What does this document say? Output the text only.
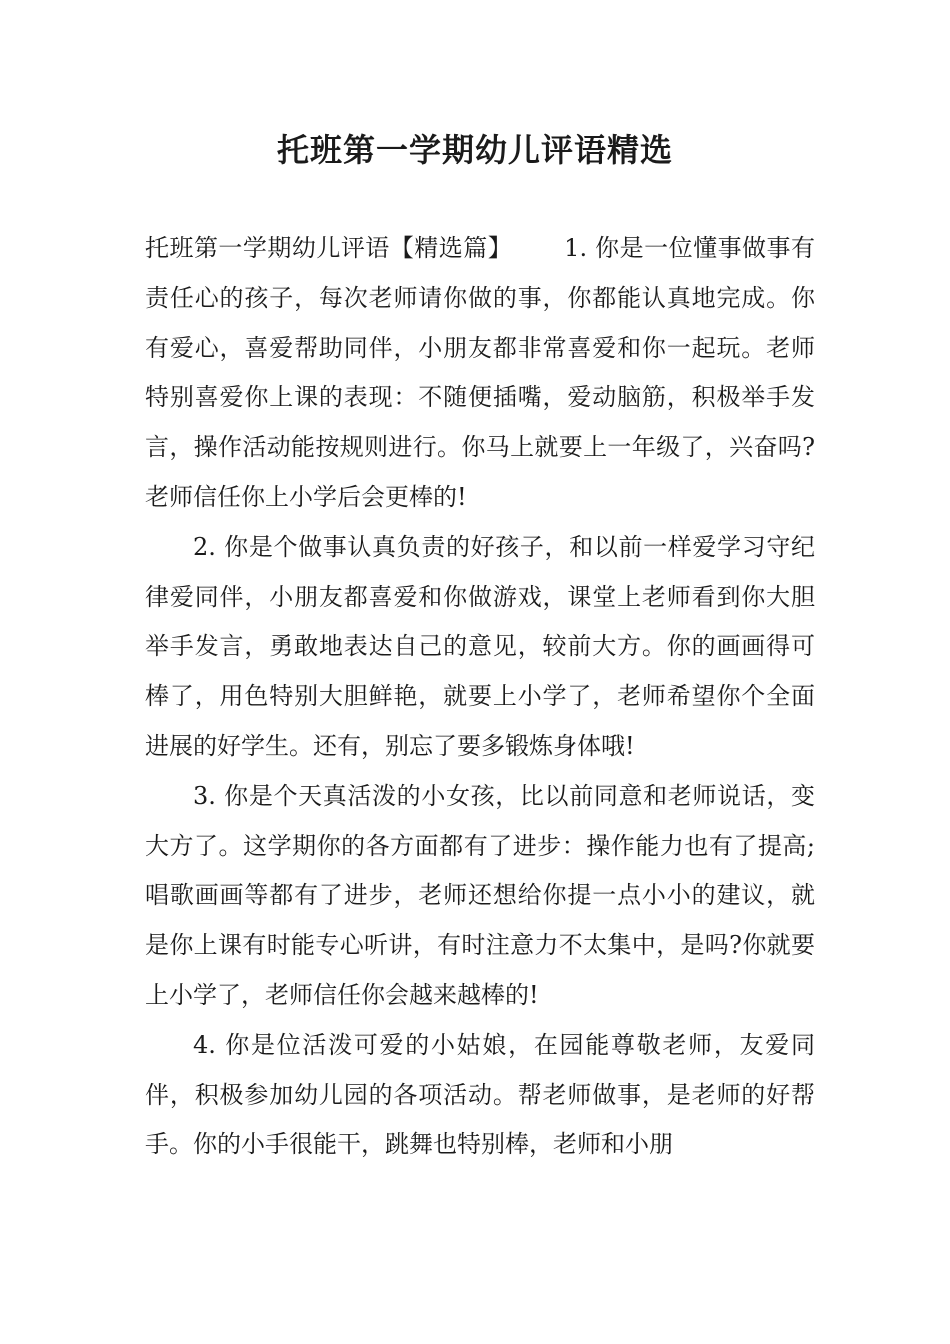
托班第一学期幼儿评语精选

托班第一学期幼儿评语【精选篇】 1. 你是一位懂事做事有责任心的孩子，每次老师请你做的事，你都能认真地完成。你有爱心，喜爱帮助同伴，小朋友都非常喜爱和你一起玩。老师特别喜爱你上课的表现：不随便插嘴，爱动脑筋，积极举手发言，操作活动能按规则进行。你马上就要上一年级了，兴奋吗?老师信任你上小学后会更棒的!

2. 你是个做事认真负责的好孩子，和以前一样爱学习守纪律爱同伴，小朋友都喜爱和你做游戏，课堂上老师看到你大胆举手发言，勇敢地表达自己的意见，较前大方。你的画画得可棒了，用色特别大胆鲜艳，就要上小学了，老师希望你个全面进展的好学生。还有，别忘了要多锻炼身体哦!

3. 你是个天真活泼的小女孩，比以前同意和老师说话，变大方了。这学期你的各方面都有了进步：操作能力也有了提高;唱歌画画等都有了进步，老师还想给你提一点小小的建议，就是你上课有时能专心听讲，有时注意力不太集中，是吗?你就要上小学了，老师信任你会越来越棒的!

4. 你是位活泼可爱的小姑娘，在园能尊敬老师，友爱同伴，积极参加幼儿园的各项活动。帮老师做事，是老师的好帮手。你的小手很能干，跳舞也特别棒，老师和小朋
